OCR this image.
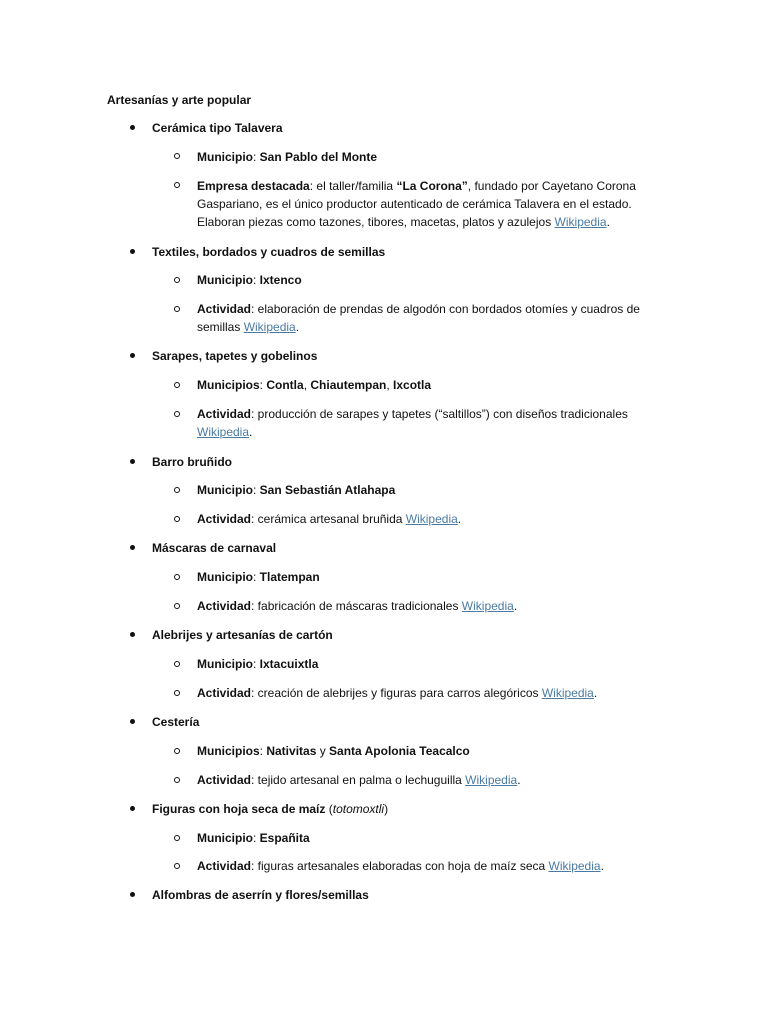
Artesanías y arte popular
Cerámica tipo Talavera
Municipio: San Pablo del Monte
Empresa destacada: el taller/familia “La Corona”, fundado por Cayetano Corona
Gaspariano, es el único productor autenticado de cerámica Talavera en el estado.
Elaboran piezas como tazones, tibores, macetas, platos y azulejos Wikipedia.
Textiles, bordados y cuadros de semillas
Municipio: Ixtenco
Actividad: elaboración de prendas de algodón con bordados otomíes y cuadros de
semillas Wikipedia.
Sarapes, tapetes y gobelinos
Municipios: Contla, Chiautempan, Ixcotla
Actividad: producción de sarapes y tapetes (“saltillos”) con diseños tradicionales
Wikipedia.
Barro bruñido
Municipio: San Sebastián Atlahapa
Actividad: cerámica artesanal bruñida Wikipedia.
Máscaras de carnaval
Municipio: Tlatempan
Actividad: fabricación de máscaras tradicionales Wikipedia.
Alebrijes y artesanías de cartón
Municipio: Ixtacuixtla
Actividad: creación de alebrijes y figuras para carros alegóricos Wikipedia.
Cestería
Municipios: Nativitas y Santa Apolonia Teacalco
Actividad: tejido artesanal en palma o lechuguilla Wikipedia.
Figuras con hoja seca de maíz (totomoxtli)
Municipio: Españita
Actividad: figuras artesanales elaboradas con hoja de maíz seca Wikipedia.
Alfombras de aserrín y flores/semillas
